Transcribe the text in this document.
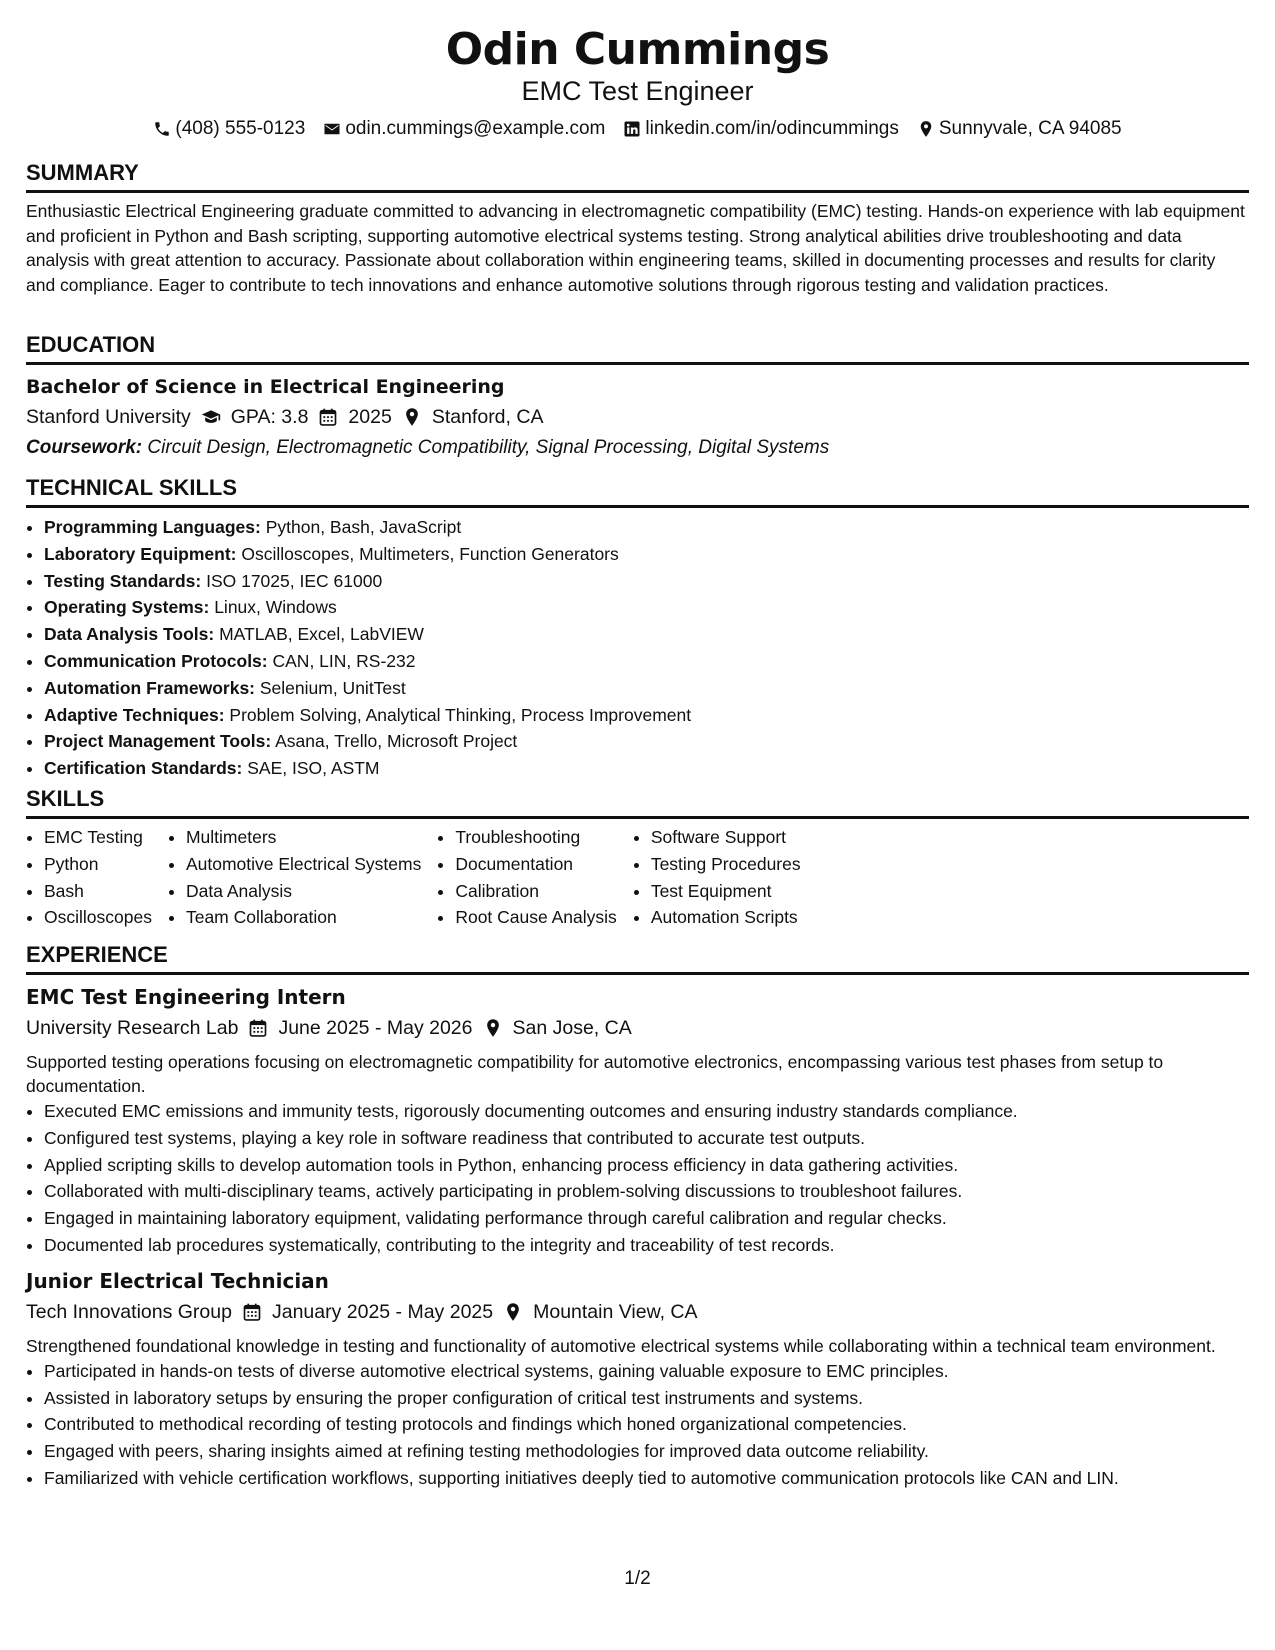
Odin Cummings
EMC Test Engineer
(408) 555-0123 odin.cummings@example.com linkedin.com/in/odincummings Sunnyvale, CA 94085
SUMMARY

Enthusiastic Electrical Engineering graduate committed to advancing in electromagnetic compatibility (EMC) testing. Hands-on experience with lab equipment and proficient in Python and Bash scripting, supporting automotive electrical systems testing. Strong analytical abilities drive troubleshooting and data analysis with great attention to accuracy. Passionate about collaboration within engineering teams, skilled in documenting processes and results for clarity and compliance. Eager to contribute to tech innovations and enhance automotive solutions through rigorous testing and validation practices.

EDUCATION
Bachelor of Science in Electrical Engineering
Stanford University GPA: 3.8 2025 Stanford, CA
Coursework: Circuit Design, Electromagnetic Compatibility, Signal Processing, Digital Systems
TECHNICAL SKILLS
• Programming Languages: Python, Bash, JavaScript
• Laboratory Equipment: Oscilloscopes, Multimeters, Function Generators
• Testing Standards: ISO 17025, IEC 61000
• Operating Systems: Linux, Windows
• Data Analysis Tools: MATLAB, Excel, LabVIEW
• Communication Protocols: CAN, LIN, RS-232
• Automation Frameworks: Selenium, UnitTest
• Adaptive Techniques: Problem Solving, Analytical Thinking, Process Improvement
• Project Management Tools: Asana, Trello, Microsoft Project
• Certification Standards: SAE, ISO, ASTM
SKILLS
• EMC Testing
• Python
• Bash
• Oscilloscopes
• Multimeters
• Automotive Electrical Systems
• Data Analysis
• Team Collaboration
• Troubleshooting
• Documentation
• Calibration
• Root Cause Analysis
• Software Support
• Testing Procedures
• Test Equipment
• Automation Scripts
EXPERIENCE
EMC Test Engineering Intern
University Research Lab June 2025 - May 2026 San Jose, CA
Supported testing operations focusing on electromagnetic compatibility for automotive electronics, encompassing various test phases from setup to documentation.
• Executed EMC emissions and immunity tests, rigorously documenting outcomes and ensuring industry standards compliance.
• Configured test systems, playing a key role in software readiness that contributed to accurate test outputs.
• Applied scripting skills to develop automation tools in Python, enhancing process efficiency in data gathering activities.
• Collaborated with multi-disciplinary teams, actively participating in problem-solving discussions to troubleshoot failures.
• Engaged in maintaining laboratory equipment, validating performance through careful calibration and regular checks.
• Documented lab procedures systematically, contributing to the integrity and traceability of test records.
Junior Electrical Technician
Tech Innovations Group January 2025 - May 2025 Mountain View, CA
Strengthened foundational knowledge in testing and functionality of automotive electrical systems while collaborating within a technical team environment.
• Participated in hands-on tests of diverse automotive electrical systems, gaining valuable exposure to EMC principles.
• Assisted in laboratory setups by ensuring the proper configuration of critical test instruments and systems.
• Contributed to methodical recording of testing protocols and findings which honed organizational competencies.
• Engaged with peers, sharing insights aimed at refining testing methodologies for improved data outcome reliability.
• Familiarized with vehicle certification workflows, supporting initiatives deeply tied to automotive communication protocols like CAN and LIN.
1/2
